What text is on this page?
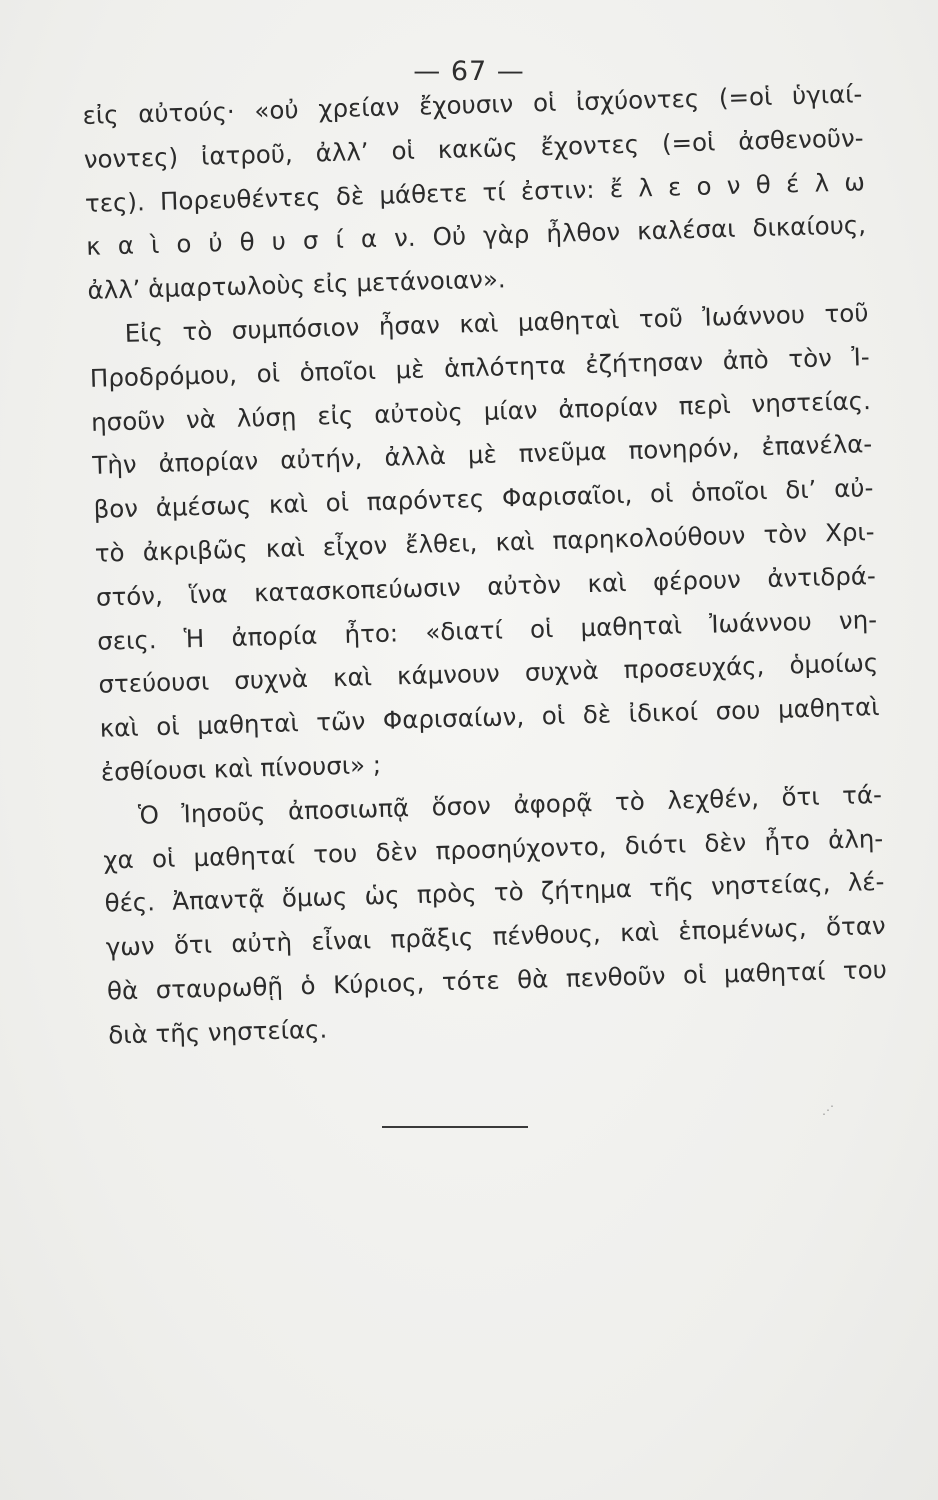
— 67 —
εἰς αὐτούς· «οὐ χρείαν ἔχουσιν οἱ ἰσχύοντες (=οἱ ὑγιαί-
νοντες) ἰατροῦ, ἀλλ’ οἱ κακῶς ἔχοντες (=οἱ ἀσθενοῦν-
τες). Πορευθέντες δὲ μάθετε τί ἐστιν: ἔ λ ε ο ν θ έ λ ω
κ α ὶ ο ὐ θ υ σ ί α ν. Οὐ γὰρ ἦλθον καλέσαι δικαίους,
ἀλλ’ ἁμαρτωλοὺς εἰς μετάνοιαν».
Εἰς τὸ συμπόσιον ἦσαν καὶ μαθηταὶ τοῦ Ἰωάννου τοῦ
Προδρόμου, οἱ ὁποῖοι μὲ ἁπλότητα ἐζήτησαν ἀπὸ τὸν Ἰ-
ησοῦν νὰ λύσῃ εἰς αὐτοὺς μίαν ἀπορίαν περὶ νηστείας.
Τὴν ἀπορίαν αὐτήν, ἀλλὰ μὲ πνεῦμα πονηρόν, ἐπανέλα-
βον ἀμέσως καὶ οἱ παρόντες Φαρισαῖοι, οἱ ὁποῖοι δι’ αὐ-
τὸ ἀκριβῶς καὶ εἶχον ἔλθει, καὶ παρηκολούθουν τὸν Χρι-
στόν, ἵνα κατασκοπεύωσιν αὐτὸν καὶ φέρουν ἀντιδρά-
σεις. Ἡ ἀπορία ἦτο: «διατί οἱ μαθηταὶ Ἰωάννου νη-
στεύουσι συχνὰ καὶ κάμνουν συχνὰ προσευχάς, ὁμοίως
καὶ οἱ μαθηταὶ τῶν Φαρισαίων, οἱ δὲ ἰδικοί σου μαθηταὶ
ἐσθίουσι καὶ πίνουσι» ;
Ὁ Ἰησοῦς ἀποσιωπᾷ ὅσον ἀφορᾷ τὸ λεχθέν, ὅτι τά-
χα οἱ μαθηταί του δὲν προσηύχοντο, διότι δὲν ἦτο ἀλη-
θές. Ἀπαντᾷ ὅμως ὡς πρὸς τὸ ζήτημα τῆς νηστείας, λέ-
γων ὅτι αὐτὴ εἶναι πρᾶξις πένθους, καὶ ἑπομένως, ὅταν
θὰ σταυρωθῇ ὁ Κύριος, τότε θὰ πενθοῦν οἱ μαθηταί του
διὰ τῆς νηστείας.
⋰
